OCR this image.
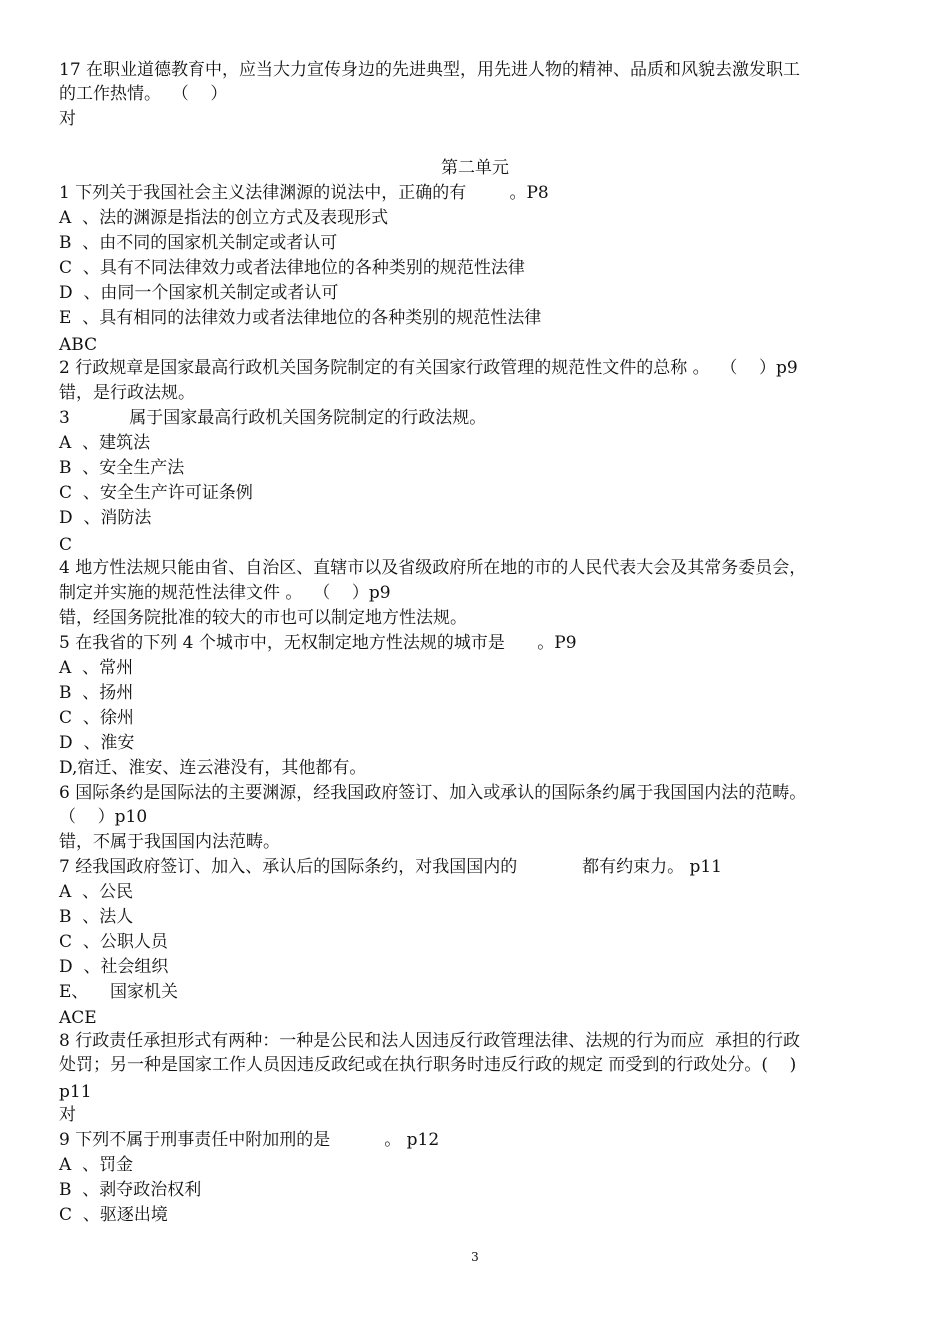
17 在职业道德教育中，应当大力宣传身边的先进典型，用先进人物的精神、品质和风貌去激发职工
的工作热情。  （    ）
对
第二单元
1 下列关于我国社会主义法律渊源的说法中，正确的有        。P8
A  、法的渊源是指法的创立方式及表现形式
B  、由不同的国家机关制定或者认可
C  、具有不同法律效力或者法律地位的各种类别的规范性法律
D  、由同一个国家机关制定或者认可
E  、具有相同的法律效力或者法律地位的各种类别的规范性法律
ABC
2 行政规章是国家最高行政机关国务院制定的有关国家行政管理的规范性文件的总称 。  （    ）p9
错，是行政法规。
3           属于国家最高行政机关国务院制定的行政法规。
A  、建筑法
B  、安全生产法
C  、安全生产许可证条例
D  、消防法
C
4 地方性法规只能由省、自治区、直辖市以及省级政府所在地的市的人民代表大会及其常务委员会，
制定并实施的规范性法律文件 。  （    ）p9
错，经国务院批准的较大的市也可以制定地方性法规。
5 在我省的下列 4 个城市中，无权制定地方性法规的城市是      。P9
A  、常州
B  、扬州
C  、徐州
D  、淮安
D,宿迁、淮安、连云港没有，其他都有。
6 国际条约是国际法的主要渊源，经我国政府签订、加入或承认的国际条约属于我国国内法的范畴。
（    ）p10
错，不属于我国国内法范畴。
7 经我国政府签订、加入、承认后的国际条约，对我国国内的            都有约束力。 p11
A  、公民
B  、法人
C  、公职人员
D  、社会组织
E、    国家机关
ACE
8 行政责任承担形式有两种：一种是公民和法人因违反行政管理法律、法规的行为而应  承担的行政
处罚；另一种是国家工作人员因违反政纪或在执行职务时违反行政的规定 而受到的行政处分。(    )
p11
对
9 下列不属于刑事责任中附加刑的是          。 p12
A  、罚金
B  、剥夺政治权利
C  、驱逐出境
3
